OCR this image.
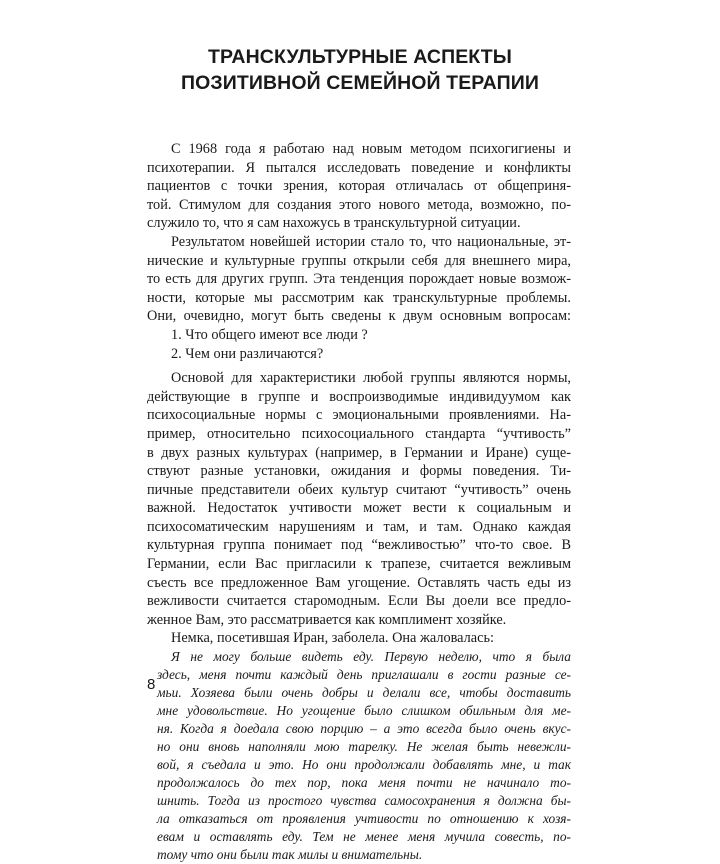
ТРАНСКУЛЬТУРНЫЕ АСПЕКТЫ
ПОЗИТИВНОЙ СЕМЕЙНОЙ ТЕРАПИИ

С 1968 года я работаю над новым методом психогигиены и
психотерапии. Я пытался исследовать поведение и конфликты
пациентов с точки зрения, которая отличалась от общеприня-
той. Стимулом для создания этого нового метода, возможно, по-
служило то, что я сам нахожусь в транскультурной ситуации.

Результатом новейшей истории стало то, что национальные, эт-
нические и культурные группы открыли себя для внешнего мира,
то есть для других групп. Эта тенденция порождает новые возмож-
ности, которые мы рассмотрим как транскультурные проблемы.
Они, очевидно, могут быть сведены к двум основным вопросам:

1. Что общего имеют все люди ?
2. Чем они различаются?

Основой для характеристики любой группы являются нормы,
действующие в группе и воспроизводимые индивидуумом как
психосоциальные нормы с эмоциональными проявлениями. На-
пример, относительно психосоциального стандарта “учтивость”
в двух разных культурах (например, в Германии и Иране) суще-
ствуют разные установки, ожидания и формы поведения. Ти-
пичные представители обеих культур считают “учтивость” очень
важной. Недостаток учтивости может вести к социальным и
психосоматическим нарушениям и там, и там. Однако каждая
культурная группа понимает под “вежливостью” что-то свое. В
Германии, если Вас пригласили к трапезе, считается вежливым
съесть все предложенное Вам угощение. Оставлять часть еды из
вежливости считается старомодным. Если Вы доели все предло-
женное Вам, это рассматривается как комплимент хозяйке.

Немка, посетившая Иран, заболела. Она жаловалась:

Я не могу больше видеть еду. Первую неделю, что я была
здесь, меня почти каждый день приглашали в гости разные се-
мьи. Хозяева были очень добры и делали все, чтобы доставить
мне удовольствие. Но угощение было слишком обильным для ме-
ня. Когда я доедала свою порцию – а это всегда было очень вкус-
но они вновь наполняли мою тарелку. Не желая быть невежли-
вой, я съедала и это. Но они продолжали добавлять мне, и так
продолжалось до тех пор, пока меня почти не начинало то-
шнить. Тогда из простого чувства самосохранения я должна бы-
ла отказаться от проявления учтивости по отношению к хозя-
евам и оставлять еду. Тем не менее меня мучила совесть, по-
тому что они были так милы и внимательны.
8
